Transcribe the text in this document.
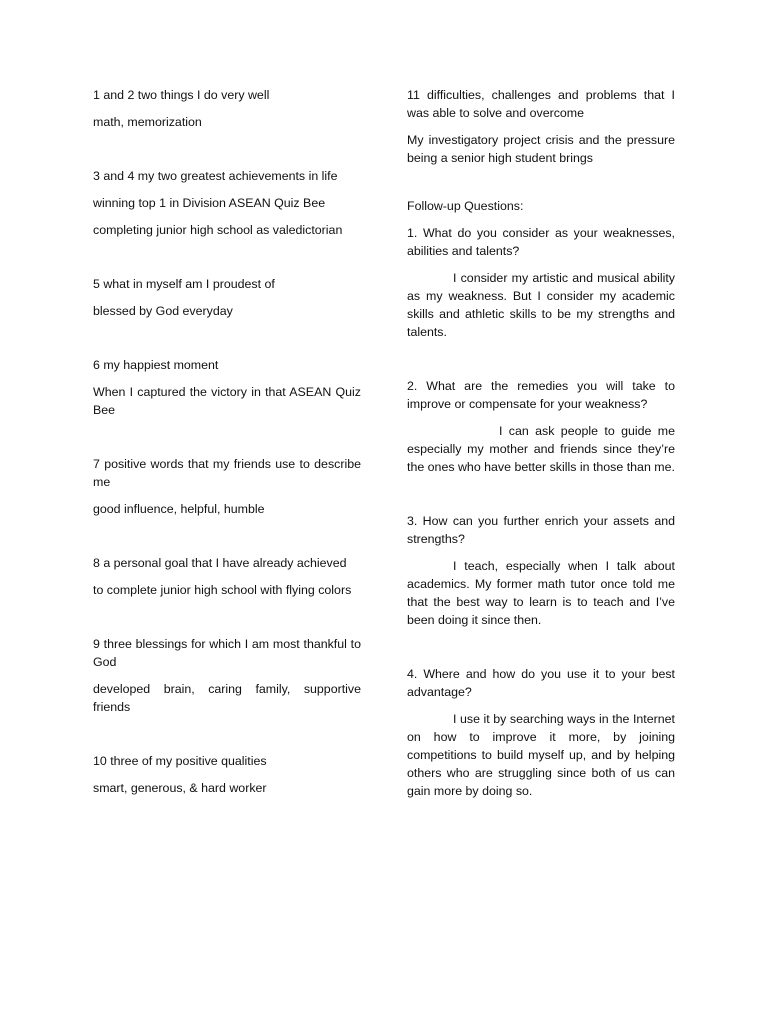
1 and 2 two things I do very well

math, memorization

3 and 4 my two greatest achievements in life

winning top 1 in Division ASEAN Quiz Bee

completing junior high school as valedictorian

5 what in myself am I proudest of

blessed by God everyday

6 my happiest moment

When I captured the victory in that ASEAN Quiz Bee

7 positive words that my friends use to describe me

good influence, helpful, humble

8 a personal goal that I have already achieved

to complete junior high school with flying colors

9 three blessings for which I am most thankful to God

developed brain, caring family, supportive friends

10 three of my positive qualities

smart, generous, & hard worker

11 difficulties, challenges and problems that I was able to solve and overcome

My investigatory project crisis and the pressure being a senior high student brings

Follow-up Questions:

1. What do you consider as your weaknesses, abilities and talents?

I consider my artistic and musical ability as my weakness. But I consider my academic skills and athletic skills to be my strengths and talents.

2. What are the remedies you will take to improve or compensate for your weakness?

I can ask people to guide me especially my mother and friends since they’re the ones who have better skills in those than me.

3. How can you further enrich your assets and strengths?

I teach, especially when I talk about academics. My former math tutor once told me that the best way to learn is to teach and I’ve been doing it since then.

4. Where and how do you use it to your best advantage?

I use it by searching ways in the Internet on how to improve it more, by joining competitions to build myself up, and by helping others who are struggling since both of us can gain more by doing so.
